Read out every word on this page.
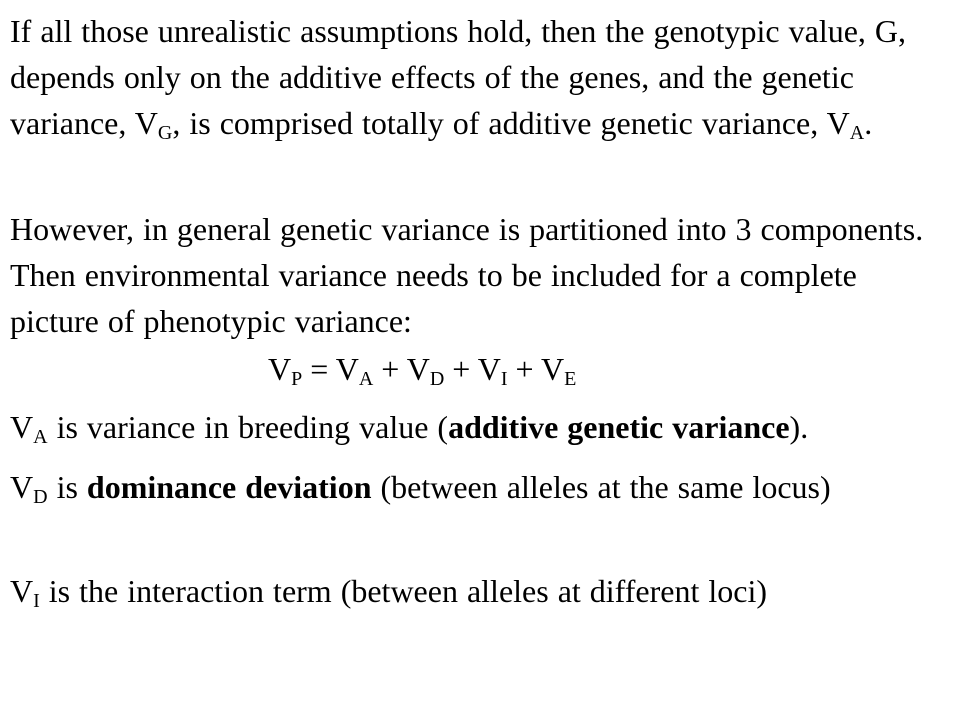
If all those unrealistic assumptions hold, then the genotypic value, G, depends only on the additive effects of the genes, and the genetic variance, $V_G$, is comprised totally of additive genetic variance, $V_A$.

However, in general genetic variance is partitioned into 3 components. Then environmental variance needs to be included for a complete picture of phenotypic variance:

$V_P = V_A + V_D + V_I + V_E$

$V_A$ is variance in breeding value (additive genetic variance).

$V_D$ is dominance deviation (between alleles at the same locus)

$V_I$ is the interaction term (between alleles at different loci)
